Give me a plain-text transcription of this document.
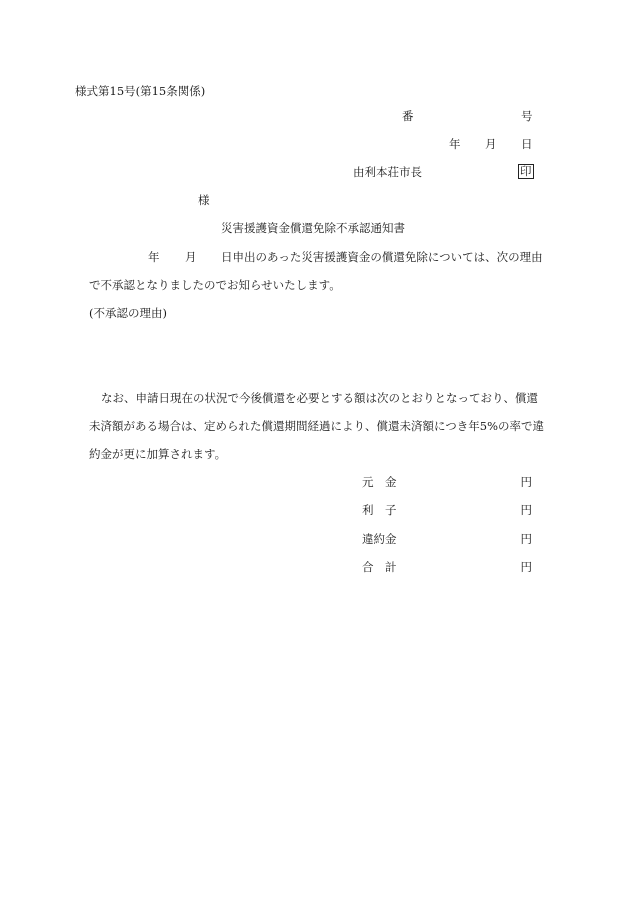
様式第15号(第15条関係)
番	号
年 月 日
由利本荘市長	印
様
災害援護資金償還免除不承認通知書
年 月 日申出のあった災害援護資金の償還免除については、次の理由
で不承認となりましたのでお知らせいたします。
(不承認の理由)
なお、申請日現在の状況で今後償還を必要とする額は次のとおりとなっており、償還
未済額がある場合は、定められた償還期間経過により、償還未済額につき年5%の率で違
約金が更に加算されます。
元　金	円
利　子	円
違約金	円
合　計	円
